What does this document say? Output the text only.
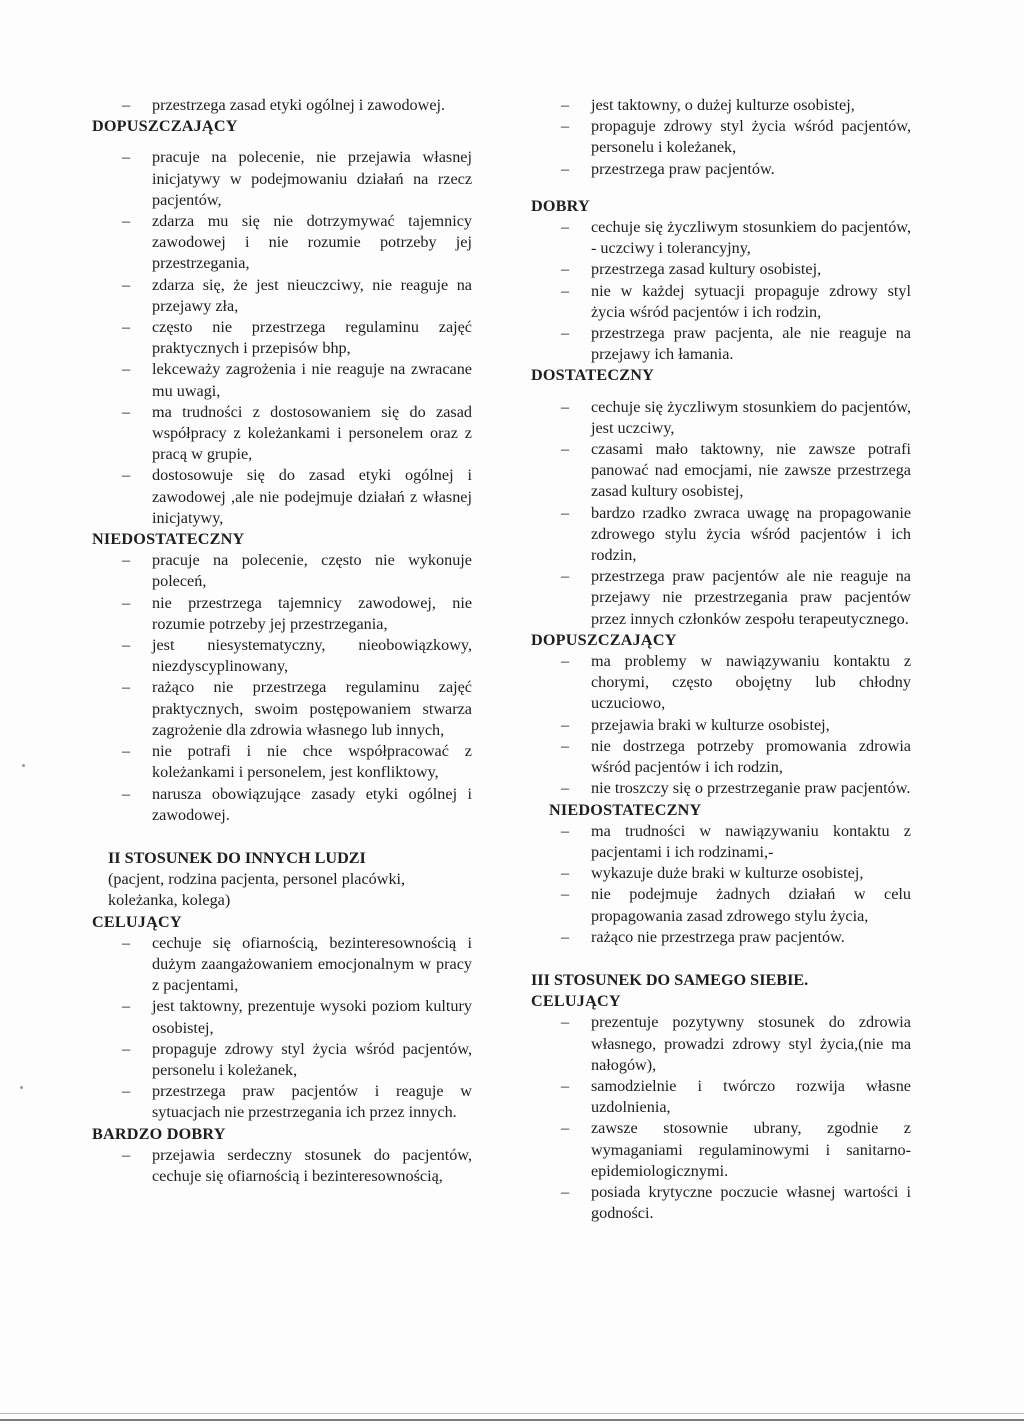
– przestrzega zasad etyki ogólnej i zawodowej.
DOPUSZCZAJĄCY
– pracuje na polecenie, nie przejawia własnej inicjatywy w podejmowaniu działań na rzecz pacjentów,
– zdarza mu się nie dotrzymywać tajemnicy zawodowej i nie rozumie potrzeby jej przestrzegania,
– zdarza się, że jest nieuczciwy, nie reaguje na przejawy zła,
– często nie przestrzega regulaminu zajęć praktycznych i przepisów bhp,
– lekceważy zagrożenia i nie reaguje na zwracane mu uwagi,
– ma trudności z dostosowaniem się do zasad współpracy z koleżankami i personelem oraz z pracą w grupie,
– dostosowuje się do zasad etyki ogólnej i zawodowej ,ale nie podejmuje działań z własnej inicjatywy,
NIEDOSTATECZNY
– pracuje na polecenie, często nie wykonuje poleceń,
– nie przestrzega tajemnicy zawodowej, nie rozumie potrzeby jej przestrzegania,
– jest niesystematyczny, nieobowiązkowy, niezdyscyplinowany,
– rażąco nie przestrzega regulaminu zajęć praktycznych, swoim postępowaniem stwarza zagrożenie dla zdrowia własnego lub innych,
– nie potrafi i nie chce współpracować z koleżankami i personelem, jest konfliktowy,
– narusza obowiązujące zasady etyki ogólnej i zawodowej.
II STOSUNEK DO INNYCH LUDZI
(pacjent, rodzina pacjenta, personel placówki, koleżanka, kolega)
CELUJĄCY
– cechuje się ofiarnością, bezinteresownością i dużym zaangażowaniem emocjonalnym w pracy z pacjentami,
– jest taktowny, prezentuje wysoki poziom kultury osobistej,
– propaguje zdrowy styl życia wśród pacjentów, personelu i koleżanek,
– przestrzega praw pacjentów i reaguje w sytuacjach nie przestrzegania ich przez innych.
BARDZO DOBRY
– przejawia serdeczny stosunek do pacjentów, cechuje się ofiarnością i bezinteresownością,
– jest taktowny, o dużej kulturze osobistej,
– propaguje zdrowy styl życia wśród pacjentów, personelu i koleżanek,
– przestrzega praw pacjentów.
DOBRY
– cechuje się życzliwym stosunkiem do pacjentów, - uczciwy i tolerancyjny,
– przestrzega zasad kultury osobistej,
– nie w każdej sytuacji propaguje zdrowy styl życia wśród pacjentów i ich rodzin,
– przestrzega praw pacjenta, ale nie reaguje na przejawy ich łamania.
DOSTATECZNY
– cechuje się życzliwym stosunkiem do pacjentów, jest uczciwy,
– czasami mało taktowny, nie zawsze potrafi panować nad emocjami, nie zawsze przestrzega zasad kultury osobistej,
– bardzo rzadko zwraca uwagę na propagowanie zdrowego stylu życia wśród pacjentów i ich rodzin,
– przestrzega praw pacjentów ale nie reaguje na przejawy nie przestrzegania praw pacjentów przez innych członków zespołu terapeutycznego.
DOPUSZCZAJĄCY
– ma problemy w nawiązywaniu kontaktu z chorymi, często obojętny lub chłodny uczuciowo,
– przejawia braki w kulturze osobistej,
– nie dostrzega potrzeby promowania zdrowia wśród pacjentów i ich rodzin,
– nie troszczy się o przestrzeganie praw pacjentów.
NIEDOSTATECZNY
– ma trudności w nawiązywaniu kontaktu z pacjentami i ich rodzinami,-
– wykazuje duże braki w kulturze osobistej,
– nie podejmuje żadnych działań w celu propagowania zasad zdrowego stylu życia,
– rażąco nie przestrzega praw pacjentów.
III STOSUNEK DO SAMEGO SIEBIE.
CELUJĄCY
– prezentuje pozytywny stosunek do zdrowia własnego, prowadzi zdrowy styl życia,(nie ma nałogów),
– samodzielnie i twórczo rozwija własne uzdolnienia,
– zawsze stosownie ubrany, zgodnie z wymaganiami regulaminowymi i sanitarno-epidemiologicznymi.
– posiada krytyczne poczucie własnej wartości i godności.
